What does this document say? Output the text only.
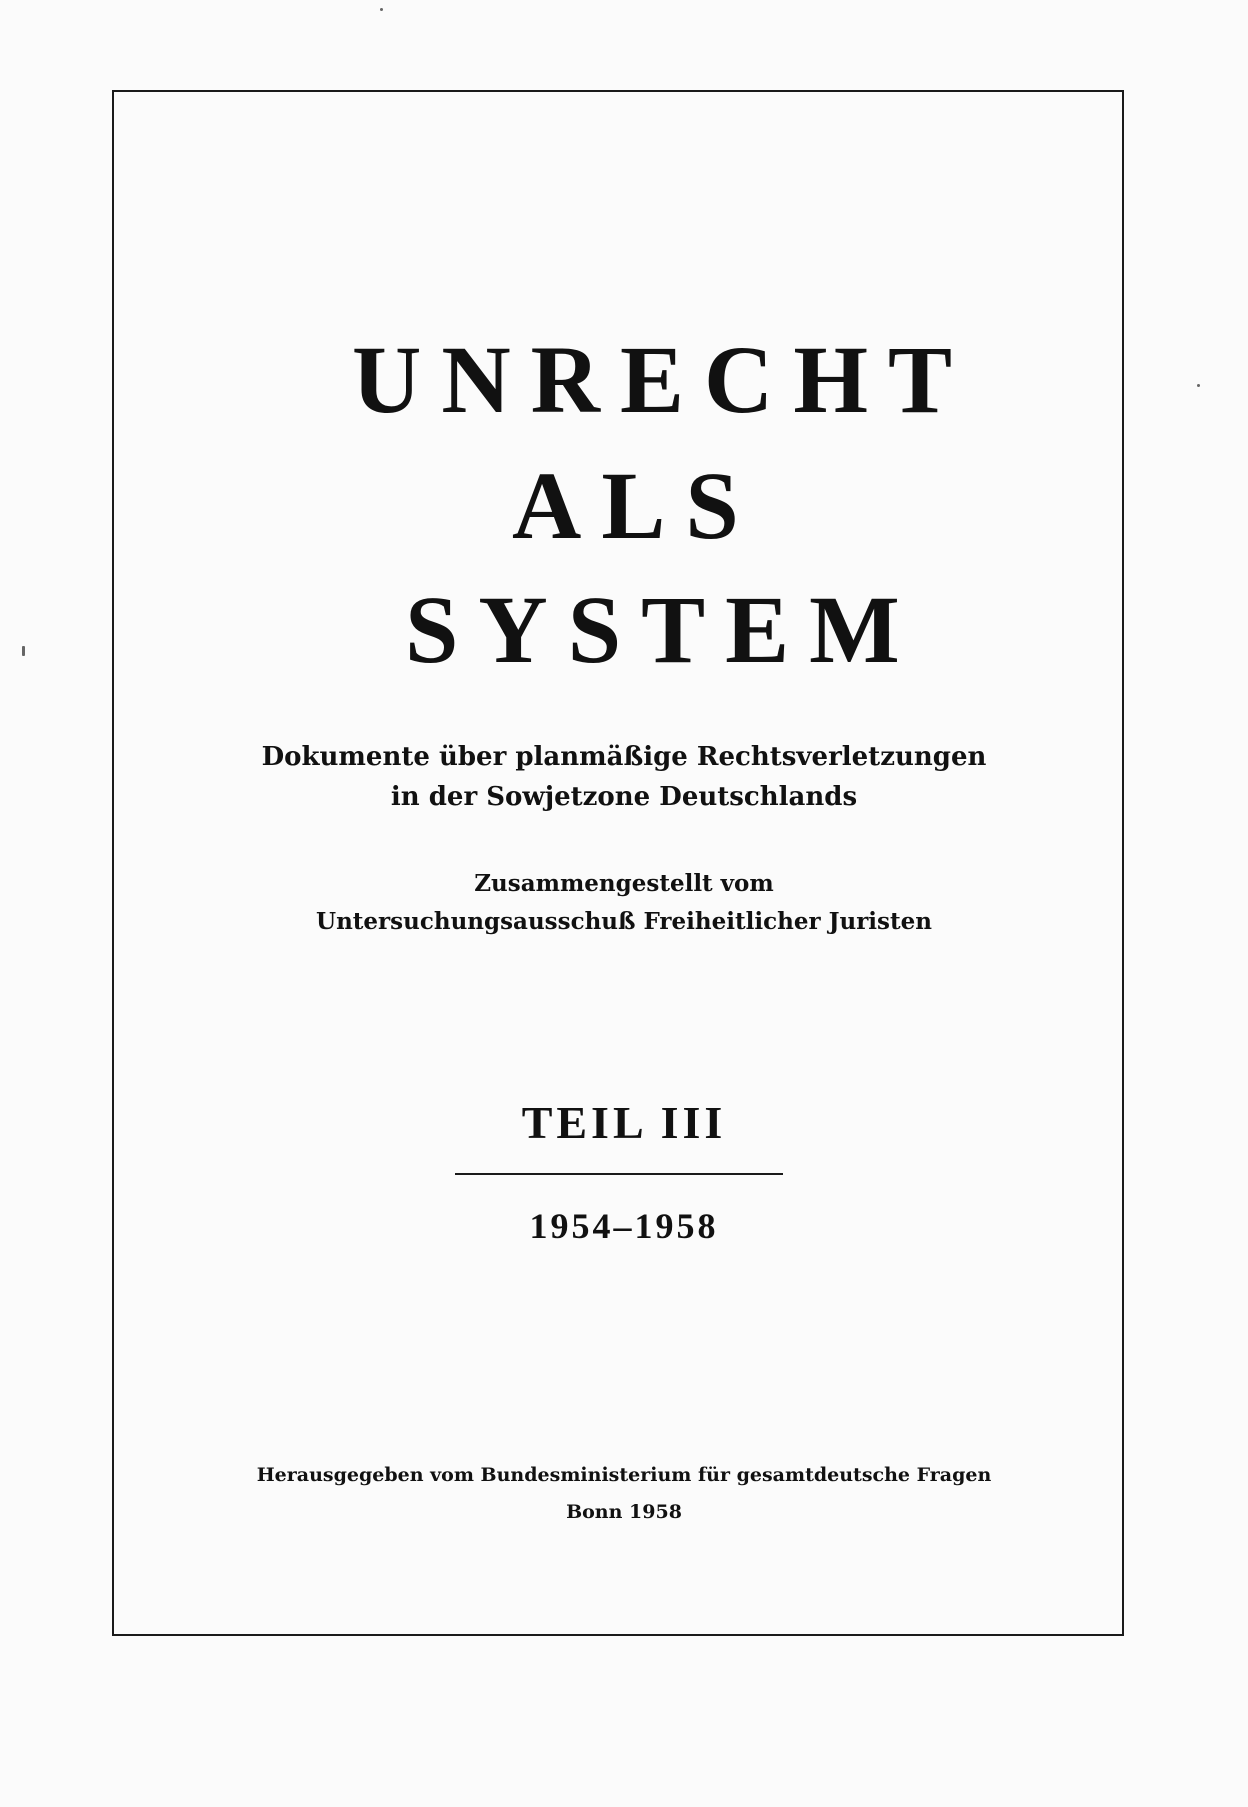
UNRECHT
ALS
SYSTEM
Dokumente über planmäßige Rechtsverletzungen
in der Sowjetzone Deutschlands
Zusammengestellt vom
Untersuchungsausschuß Freiheitlicher Juristen
TEIL III
1954–1958
Herausgegeben vom Bundesministerium für gesamtdeutsche Fragen
Bonn 1958
